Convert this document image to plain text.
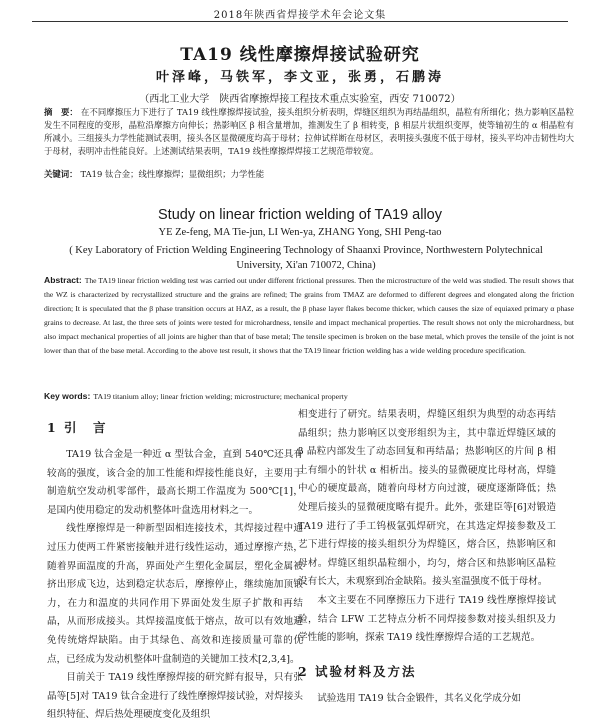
2018年陕西省焊接学术年会论文集
TA19 线性摩擦焊接试验研究
叶泽峰，马铁军，李文亚，张勇，石鹏涛
（西北工业大学　陕西省摩擦焊接工程技术重点实验室，西安 710072）
摘　要： 在不同摩擦压力下进行了 TA19 线性摩擦焊接试验，接头组织分析表明，焊缝区组织为再结晶组织，晶粒有所细化；热力影响区晶粒发生不同程度的变形，晶粒沿摩擦方向伸长；热影响区 β 相含量增加，推测发生了 β 相转变，β 相层片状组织变厚，使等轴初生的 α 相晶粒有所减小。三组接头力学性能测试表明，接头各区显微硬度均高于母材；拉伸试样断在母材区，表明接头强度不低于母材，接头平均冲击韧性均大于母材，表明冲击性能良好。上述测试结果表明，TA19 线性摩擦焊焊接工艺规范带较宽。
关键词： TA19 钛合金；线性摩擦焊；显微组织；力学性能
Study on linear friction welding of TA19 alloy
YE Ze-feng, MA Tie-jun, LI Wen-ya, ZHANG Yong, SHI Peng-tao
( Key Laboratory of Friction Welding Engineering Technology of Shaanxi Province, Northwestern Polytechnical University, Xi'an 710072, China)
Abstract: The TA19 linear friction welding test was carried out under different frictional pressures. Then the microstructure of the weld was studied. The result shows that the WZ is characterized by recrystallized structure and the grains are refined; The grains from TMAZ are deformed to different degrees and elongated along the friction direction; It is speculated that the β phase transition occurs at HAZ, as a result, the β phase layer flakes become thicker, which causes the size of equiaxed primary α phase grains to decrease. At last, the three sets of joints were tested for microhardness, tensile and impact mechanical properties. The result shows not only the microhardness, but also impact mechanical properties of all joints are higher than that of base metal; The tensile specimen is broken on the base metal, which proves the tensile of the joint is not lower than that of the base metal. According to the above test result, it shows that the TA19 linear friction welding has a wide welding procedure specification.
Key words: TA19 titanium alloy; linear friction welding; microstructure; mechanical property
1 引　言

TA19 钛合金是一种近 α 型钛合金，直到 540℃还具有较高的强度，该合金的加工性能和焊接性能良好，主要用于制造航空发动机零部件，最高长期工作温度为 500℃[1]，是国内使用稳定的发动机整体叶盘选用材料之一。

线性摩擦焊是一种新型固相连接技术，其焊接过程中通过压力使两工件紧密接触并进行线性运动，通过摩擦产热，随着界面温度的升高，界面处产生塑化金属层，塑化金属被挤出形成飞边，达到稳定状态后，摩擦停止，继续施加顶锻力，在力和温度的共同作用下界面处发生原子扩散和再结晶，从而形成接头。其焊接温度低于熔点，故可以有效地避免传统熔焊缺陷。由于其绿色、高效和连接质量可靠的优点，已经成为发动机整体叶盘制造的关键加工技术[2,3,4]。

目前关于 TA19 线性摩擦焊接的研究鲜有报导，只有张晶等[5]对 TA19 钛合金进行了线性摩擦焊接试验，对焊接头组织特征、焊后热处理硬度变化及组织

相变进行了研究。结果表明，焊缝区组织为典型的动态再结晶组织；热力影响区以变形组织为主，其中靠近焊缝区域的 β 晶粒内部发生了动态回复和再结晶；热影响区的片间 β 相上有细小的针状 α 相析出。接头的显微硬度比母材高，焊缝中心的硬度最高，随着向母材方向过渡，硬度逐渐降低；热处理后接头的显微硬度略有提升。此外，张建臣等[6]对锻造 TA19 进行了手工钨极氩弧焊研究，在其选定焊接参数及工艺下进行焊接的接头组织分为焊缝区，熔合区，热影响区和母材。焊缝区组织晶粒细小，均匀，熔合区和热影响区晶粒没有长大，未观察到冶金缺陷。接头室温强度不低于母材。

本文主要在不同摩擦压力下进行 TA19 线性摩擦焊接试验，结合 LFW 工艺特点分析不同焊接参数对接头组织及力学性能的影响，探索 TA19 线性摩擦焊合适的工艺规范。

2 试验材料及方法

试验选用 TA19 钛合金锻件，其名义化学成分如
